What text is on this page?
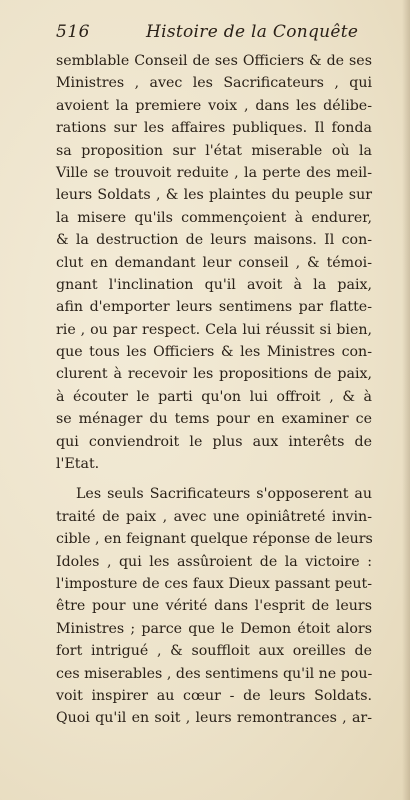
516	Histoire de la Conquête
semblable Conseil de ses Officiers & de ses
Ministres , avec les Sacrificateurs , qui
avoient la premiere voix , dans les délibe-
rations sur les affaires publiques. Il fonda
sa proposition sur l'état miserable où la
Ville se trouvoit reduite , la perte des meil-
leurs Soldats , & les plaintes du peuple sur
la misere qu'ils commençoient à endurer,
& la destruction de leurs maisons. Il con-
clut en demandant leur conseil , & témoi-
gnant l'inclination qu'il avoit à la paix,
afin d'emporter leurs sentimens par flatte-
rie , ou par respect. Cela lui réussit si bien,
que tous les Officiers & les Ministres con-
clurent à recevoir les propositions de paix,
à écouter le parti qu'on lui offroit , & à
se ménager du tems pour en examiner ce
qui conviendroit le plus aux interêts de
l'Etat.
Les seuls Sacrificateurs s'opposerent au
traité de paix , avec une opiniâtreté invin-
cible , en feignant quelque réponse de leurs
Idoles , qui les assûroient de la victoire :
l'imposture de ces faux Dieux passant peut-
être pour une vérité dans l'esprit de leurs
Ministres ; parce que le Demon étoit alors
fort intrigué , & souffloit aux oreilles de
ces miserables , des sentimens qu'il ne pou-
voit inspirer au cœur - de leurs Soldats.
Quoi qu'il en soit , leurs remontrances , ar-
